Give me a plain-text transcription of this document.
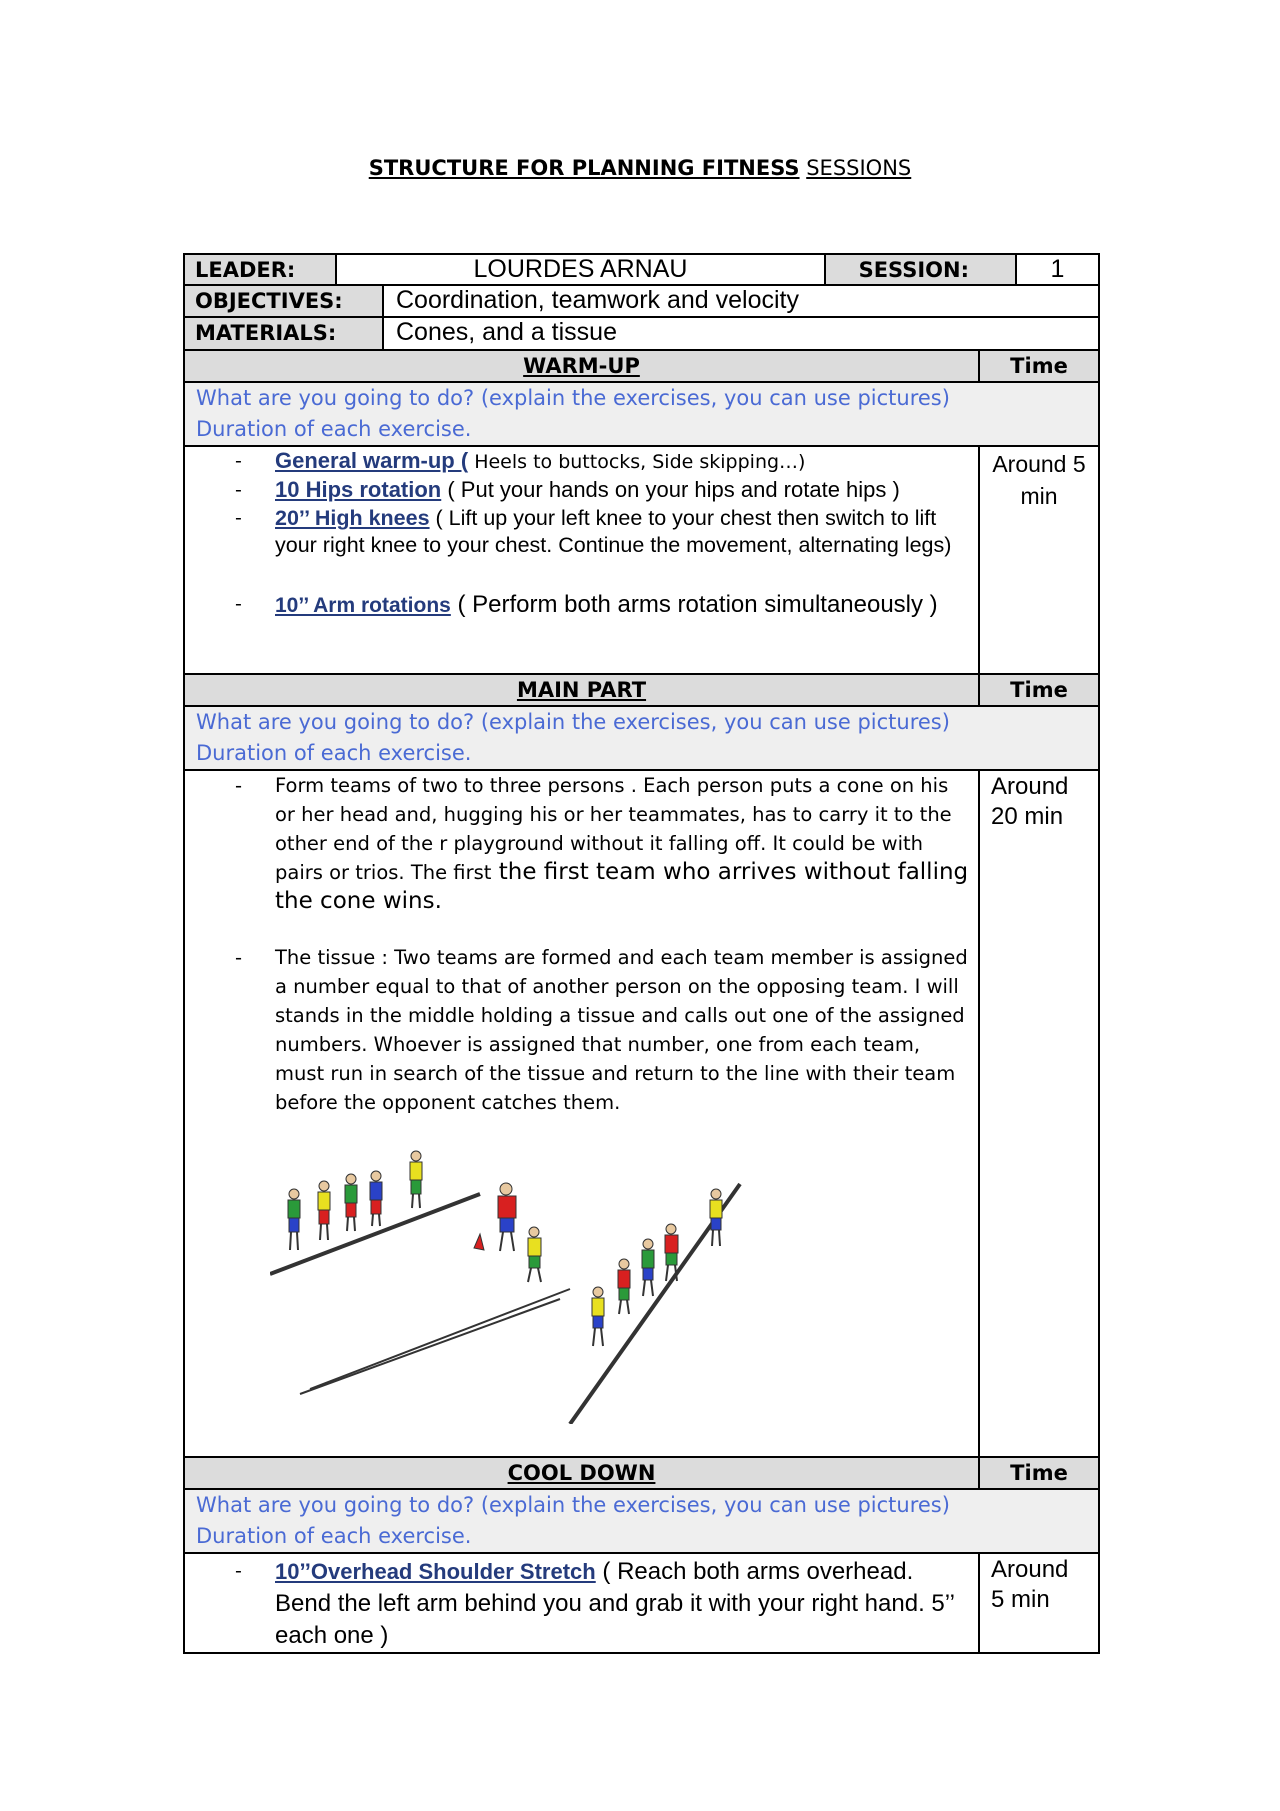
STRUCTURE FOR PLANNING FITNESS SESSIONS
LEADER:	LOURDES ARNAU	SESSION:	1
OBJECTIVES:	Coordination, teamwork and velocity
MATERIALS:	Cones, and a tissue
WARM-UP	Time
What are you going to do? (explain the exercises, you can use pictures)
Duration of each exercise.
- General warm-up ( Heels to buttocks, Side skipping…)
- 10 Hips rotation ( Put your hands on your hips and rotate hips )
- 20’’ High knees ( Lift up your left knee to your chest then switch to lift your right knee to your chest. Continue the movement, alternating legs)
- 10’’ Arm rotations ( Perform both arms rotation simultaneously )
Around 5 min
MAIN PART	Time
What are you going to do? (explain the exercises, you can use pictures)
Duration of each exercise.
- Form teams of two to three persons . Each person puts a cone on his or her head and, hugging his or her teammates, has to carry it to the other end of the r playground without it falling off. It could be with pairs or trios. The first the first team who arrives without falling the cone wins.
- The tissue : Two teams are formed and each team member is assigned a number equal to that of another person on the opposing team. I will stands in the middle holding a tissue and calls out one of the assigned numbers. Whoever is assigned that number, one from each team, must run in search of the tissue and return to the line with their team before the opponent catches them.
Around 20 min
COOL DOWN	Time
What are you going to do? (explain the exercises, you can use pictures)
Duration of each exercise.
- 10’’Overhead Shoulder Stretch ( Reach both arms overhead. Bend the left arm behind you and grab it with your right hand. 5’’ each one )
Around 5 min
